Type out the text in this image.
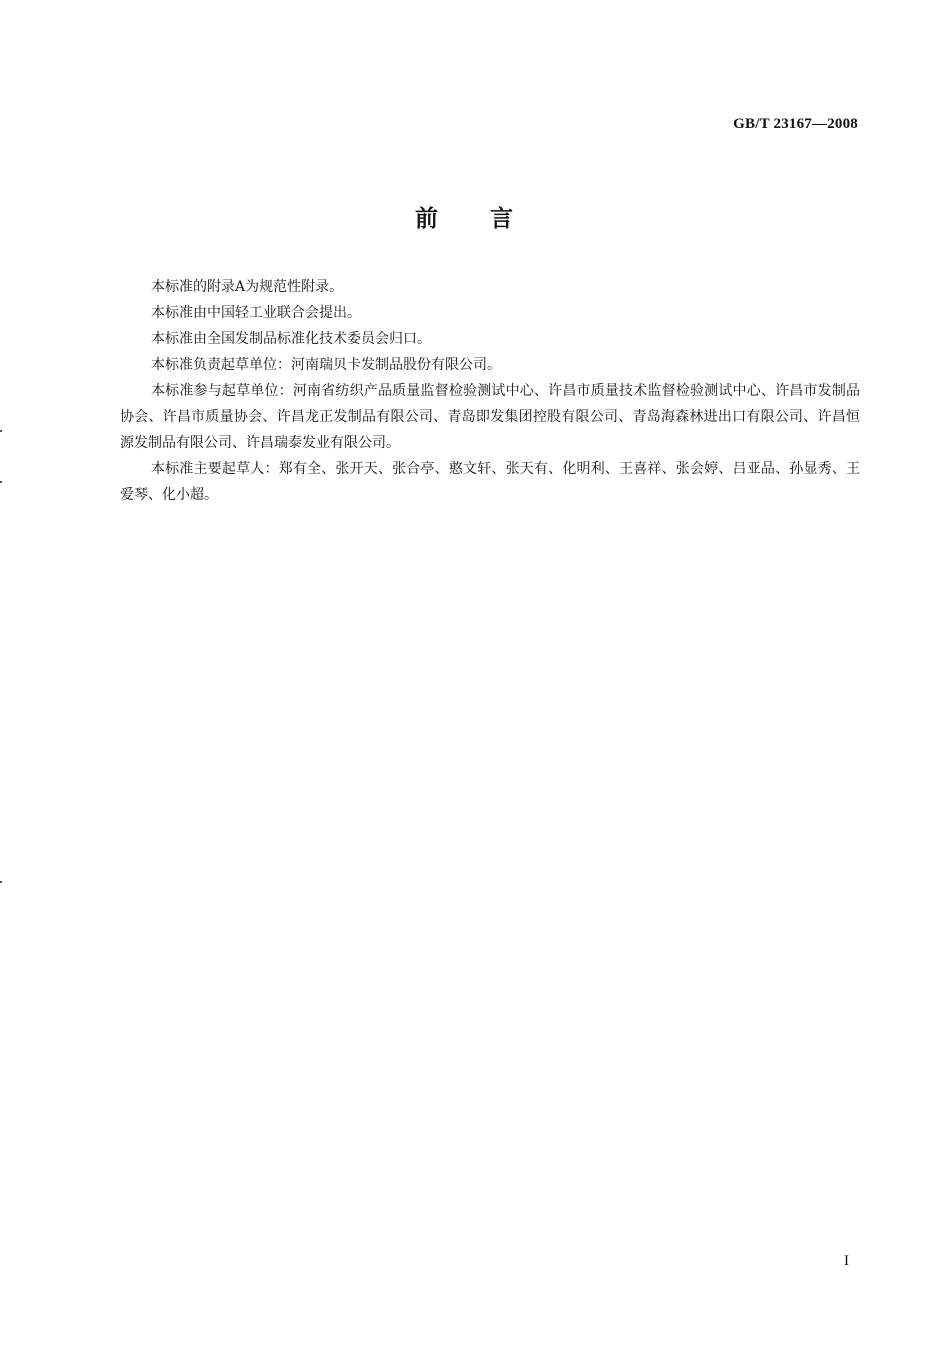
GB/T 23167—2008
前言

本标准的附录A为规范性附录。

本标准由中国轻工业联合会提出。

本标准由全国发制品标准化技术委员会归口。

本标准负责起草单位：河南瑞贝卡发制品股份有限公司。

本标准参与起草单位：河南省纺织产品质量监督检验测试中心、许昌市质量技术监督检验测试中心、许昌市发制品协会、许昌市质量协会、许昌龙正发制品有限公司、青岛即发集团控股有限公司、青岛海森林进出口有限公司、许昌恒源发制品有限公司、许昌瑞泰发业有限公司。

本标准主要起草人：郑有全、张开天、张合亭、憨文轩、张天有、化明利、王喜祥、张会婷、吕亚品、孙显秀、王爱琴、化小超。

I
